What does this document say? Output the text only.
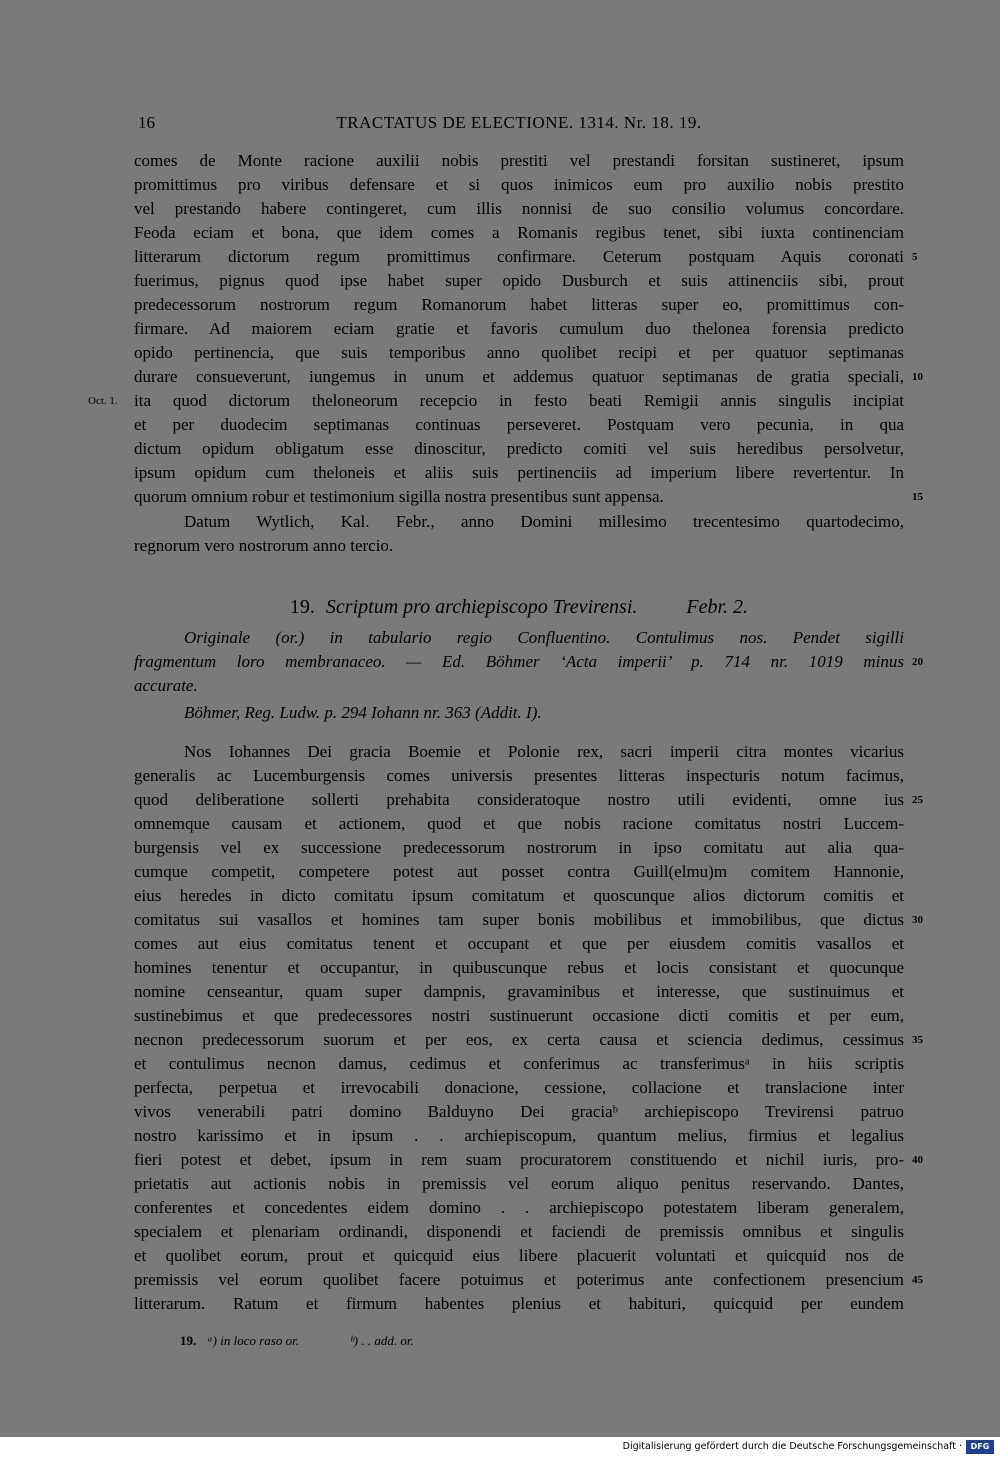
16	TRACTATUS DE ELECTIONE. 1314. Nr. 18. 19.
comes de Monte racione auxilii nobis prestiti vel prestandi forsitan sustineret, ipsum
promittimus pro viribus defensare et si quos inimicos eum pro auxilio nobis prestito
vel prestando habere contingeret, cum illis nonnisi de suo consilio volumus concordare.
Feoda eciam et bona, que idem comes a Romanis regibus tenet, sibi iuxta continenciam
litterarum dictorum regum promittimus confirmare. Ceterum postquam Aquis coronati
fuerimus, pignus quod ipse habet super opido Dusburch et suis attinenciis sibi, prout
predecessorum nostrorum regum Romanorum habet litteras super eo, promittimus con-
firmare. Ad maiorem eciam gratie et favoris cumulum duo thelonea forensia predicto
opido pertinencia, que suis temporibus anno quolibet recipi et per quatuor septimanas
durare consueverunt, iungemus in unum et addemus quatuor septimanas de gratia speciali,
ita quod dictorum theloneorum recepcio in festo beati Remigii annis singulis incipiat
et per duodecim septimanas continuas perseveret. Postquam vero pecunia, in qua
dictum opidum obligatum esse dinoscitur, predicto comiti vel suis heredibus persolvetur,
ipsum opidum cum theloneis et aliis suis pertinenciis ad imperium libere revertentur. In
quorum omnium robur et testimonium sigilla nostra presentibus sunt appensa.
Datum Wytlich, Kal. Febr., anno Domini millesimo trecentesimo quartodecimo,
regnorum vero nostrorum anno tercio.
5
10
15
Oct. 1.
19. Scriptum pro archiepiscopo Trevirensi. Febr. 2.
Originale (or.) in tabulario regio Confluentino. Contulimus nos. Pendet sigilli
fragmentum loro membranaceo. — Ed. Böhmer ‘Acta imperii’ p. 714 nr. 1019 minus
accurate.
20
Böhmer, Reg. Ludw. p. 294 Iohann nr. 363 (Addit. I).
Nos Iohannes Dei gracia Boemie et Polonie rex, sacri imperii citra montes vicarius
generalis ac Lucemburgensis comes universis presentes litteras inspecturis notum facimus,
quod deliberatione sollerti prehabita consideratoque nostro utili evidenti, omne ius
omnemque causam et actionem, quod et que nobis racione comitatus nostri Luccem-
burgensis vel ex successione predecessorum nostrorum in ipso comitatu aut alia qua-
cumque competit, competere potest aut posset contra Guill(elmu)m comitem Hannonie,
eius heredes in dicto comitatu ipsum comitatum et quoscunque alios dictorum comitis et
comitatus sui vasallos et homines tam super bonis mobilibus et immobilibus, que dictus
comes aut eius comitatus tenent et occupant et que per eiusdem comitis vasallos et
homines tenentur et occupantur, in quibuscunque rebus et locis consistant et quocunque
nomine censeantur, quam super dampnis, gravaminibus et interesse, que sustinuimus et
sustinebimus et que predecessores nostri sustinuerunt occasione dicti comitis et per eum,
necnon predecessorum suorum et per eos, ex certa causa et sciencia dedimus, cessimus
et contulimus necnon damus, cedimus et conferimus ac transferimusᵃ in hiis scriptis
perfecta, perpetua et irrevocabili donacione, cessione, collacione et translacione inter
vivos venerabili patri domino Balduyno Dei graciaᵇ archiepiscopo Trevirensi patruo
nostro karissimo et in ipsum . . archiepiscopum, quantum melius, firmius et legalius
fieri potest et debet, ipsum in rem suam procuratorem constituendo et nichil iuris, pro-
prietatis aut actionis nobis in premissis vel eorum aliquo penitus reservando. Dantes,
conferentes et concedentes eidem domino . . archiepiscopo potestatem liberam generalem,
specialem et plenariam ordinandi, disponendi et faciendi de premissis omnibus et singulis
et quolibet eorum, prout et quicquid eius libere placuerit voluntati et quicquid nos de
premissis vel eorum quolibet facere potuimus et poterimus ante confectionem presencium
litterarum. Ratum et firmum habentes plenius et habituri, quicquid per eundem
25
30
35
40
45
19. ᵃ) in loco raso or.	ᵇ) . . add. or.
Digitalisierung gefördert durch die Deutsche Forschungsgemeinschaft ·	DFG
